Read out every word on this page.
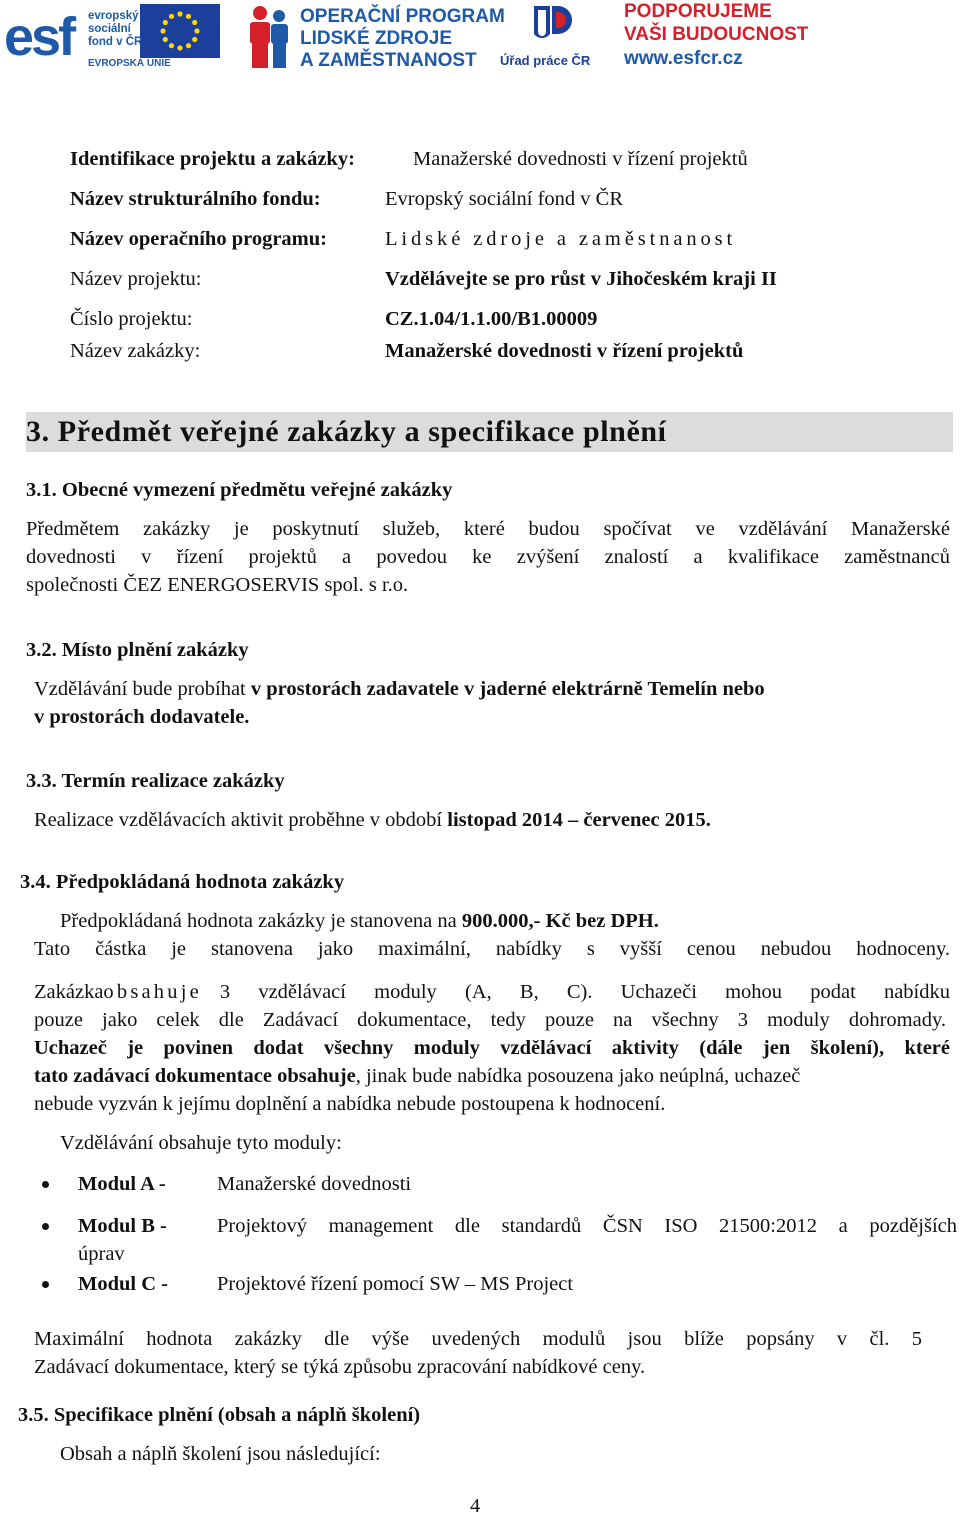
esf	evropský
sociální
fond v ČR
EVROPSKÁ UNIE
OPERAČNÍ PROGRAM
LIDSKÉ ZDROJE
A ZAMĚSTNANOST	Úřad práce ČR
PODPORUJEME
VAŠI BUDOUCNOST
www.esfcr.cz
Identifikace projektu a zakázky:	Manažerské dovednosti v řízení projektů
Název strukturálního fondu:	Evropský sociální fond v ČR
Název operačního programu:	Lidské zdroje a zaměstnanost
Název projektu:	Vzdělávejte se pro růst v Jihočeském kraji II
Číslo projektu:	CZ.1.04/1.1.00/B1.00009
Název zakázky:	Manažerské dovednosti v řízení projektů
3. Předmět veřejné zakázky a specifikace plnění
3.1. Obecné vymezení předmětu veřejné zakázky
Předmětem zakázky je poskytnutí služeb, které budou spočívat ve vzdělávání Manažerské
dovednosti v řízení projektů a povedou ke zvýšení znalostí a kvalifikace zaměstnanců
společnosti ČEZ ENERGOSERVIS spol. s r.o.
3.2. Místo plnění zakázky
Vzdělávání bude probíhat v prostorách zadavatele v jaderné elektrárně Temelín nebo
v prostorách dodavatele.
3.3. Termín realizace zakázky
Realizace vzdělávacích aktivit proběhne v období listopad 2014 – červenec 2015.
3.4. Předpokládaná hodnota zakázky
Předpokládaná hodnota zakázky je stanovena na 900.000,- Kč bez DPH.
Tato částka je stanovena jako maximální, nabídky s vyšší cenou nebudou hodnoceny.
Zakázka obsahuje 3 vzdělávací moduly (A, B, C). Uchazeči mohou podat nabídku
pouze jako celek dle Zadávací dokumentace, tedy pouze na všechny 3 moduly dohromady.
Uchazeč je povinen dodat všechny moduly vzdělávací aktivity (dále jen školení), které
tato zadávací dokumentace obsahuje, jinak bude nabídka posouzena jako neúplná, uchazeč
nebude vyzván k jejímu doplnění a nabídka nebude postoupena k hodnocení.
Vzdělávání obsahuje tyto moduly:
Modul A -	Manažerské dovednosti
Modul B - Projektový management dle standardů ČSN ISO 21500:2012 a pozdějších
úprav
Modul C - Projektové řízení pomocí SW – MS Project
Maximální hodnota zakázky dle výše uvedených modulů jsou blíže popsány v čl. 5
Zadávací dokumentace, který se týká způsobu zpracování nabídkové ceny.
3.5. Specifikace plnění (obsah a náplň školení)
Obsah a náplň školení jsou následující:
4
